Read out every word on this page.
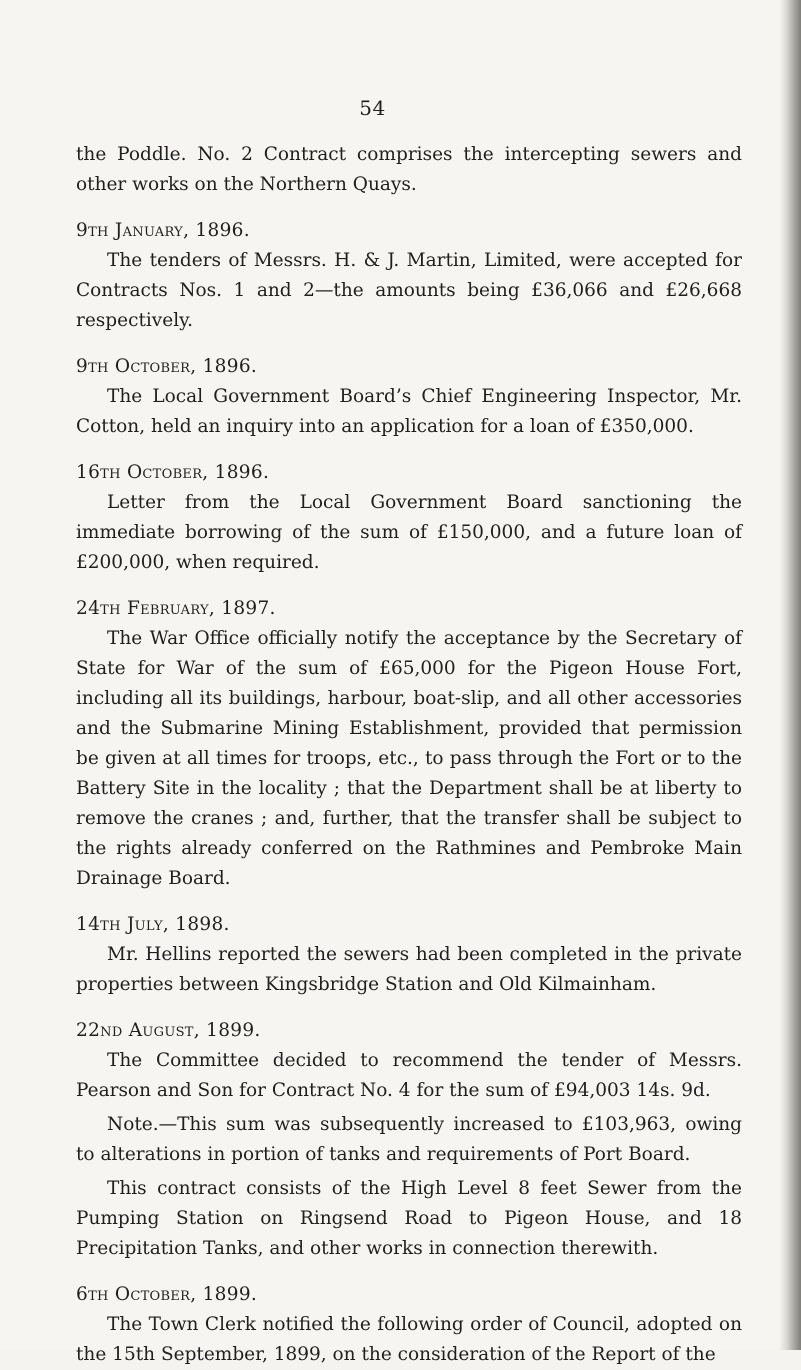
54

the Poddle. No. 2 Contract comprises the intercepting sewers and other works on the Northern Quays.

9th January, 1896.

The tenders of Messrs. H. & J. Martin, Limited, were accepted for Contracts Nos. 1 and 2—the amounts being £36,066 and £26,668 respectively.

9th October, 1896.

The Local Government Board’s Chief Engineering Inspector, Mr. Cotton, held an inquiry into an application for a loan of £350,000.

16th October, 1896.

Letter from the Local Government Board sanctioning the immediate borrowing of the sum of £150,000, and a future loan of £200,000, when required.

24th February, 1897.

The War Office officially notify the acceptance by the Secretary of State for War of the sum of £65,000 for the Pigeon House Fort, including all its buildings, harbour, boat-slip, and all other accessories and the Submarine Mining Establishment, provided that permission be given at all times for troops, etc., to pass through the Fort or to the Battery Site in the locality ; that the Department shall be at liberty to remove the cranes ; and, further, that the transfer shall be subject to the rights already conferred on the Rathmines and Pembroke Main Drainage Board.

14th July, 1898.

Mr. Hellins reported the sewers had been completed in the private properties between Kingsbridge Station and Old Kilmainham.

22nd August, 1899.

The Committee decided to recommend the tender of Messrs. Pearson and Son for Contract No. 4 for the sum of £94,003 14s. 9d.

Note.—This sum was subsequently increased to £103,963, owing to alterations in portion of tanks and requirements of Port Board.

This contract consists of the High Level 8 feet Sewer from the Pumping Station on Ringsend Road to Pigeon House, and 18 Precipitation Tanks, and other works in connection therewith.

6th October, 1899.

The Town Clerk notified the following order of Council, adopted on the 15th September, 1899, on the consideration of the Report of the
